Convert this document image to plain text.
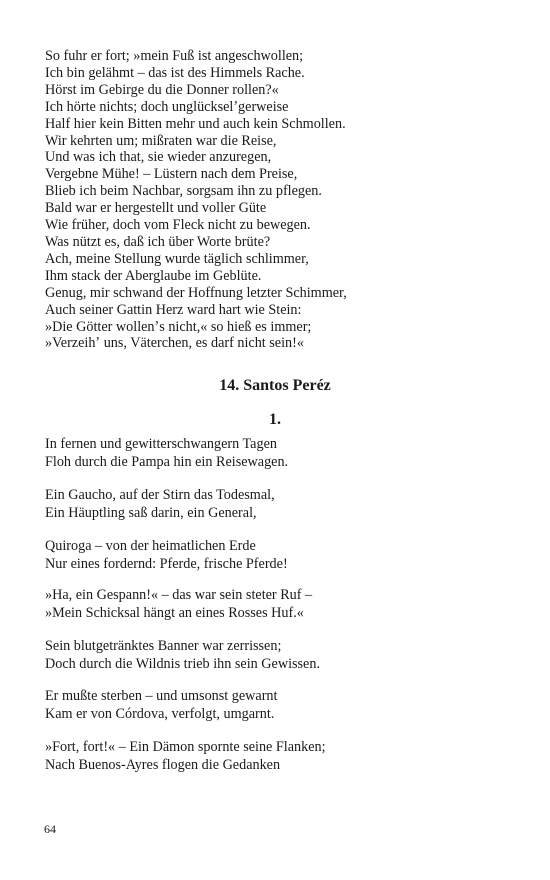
So fuhr er fort; »mein Fuß ist angeschwollen;
Ich bin gelähmt – das ist des Himmels Rache.
Hörst im Gebirge du die Donner rollen?«
Ich hörte nichts; doch unglückselʼgerweise
Half hier kein Bitten mehr und auch kein Schmollen.
Wir kehrten um; mißraten war die Reise,
Und was ich that, sie wieder anzuregen,
Vergebne Mühe! – Lüstern nach dem Preise,
Blieb ich beim Nachbar, sorgsam ihn zu pflegen.
Bald war er hergestellt und voller Güte
Wie früher, doch vom Fleck nicht zu bewegen.
Was nützt es, daß ich über Worte brüte?
Ach, meine Stellung wurde täglich schlimmer,
Ihm stack der Aberglaube im Geblüte.
Genug, mir schwand der Hoffnung letzter Schimmer,
Auch seiner Gattin Herz ward hart wie Stein:
»Die Götter wollenʼs nicht,« so hieß es immer;
»Verzeihʼ uns, Väterchen, es darf nicht sein!«
14. Santos Peréz
1.
In fernen und gewitterschwangern Tagen
Floh durch die Pampa hin ein Reisewagen.
Ein Gaucho, auf der Stirn das Todesmal,
Ein Häuptling saß darin, ein General,
Quiroga – von der heimatlichen Erde
Nur eines fordernd: Pferde, frische Pferde!
»Ha, ein Gespann!« – das war sein steter Ruf –
»Mein Schicksal hängt an eines Rosses Huf.«
Sein blutgetränktes Banner war zerrissen;
Doch durch die Wildnis trieb ihn sein Gewissen.
Er mußte sterben – und umsonst gewarnt
Kam er von Córdova, verfolgt, umgarnt.
»Fort, fort!« – Ein Dämon spornte seine Flanken;
Nach Buenos-Ayres flogen die Gedanken
64
